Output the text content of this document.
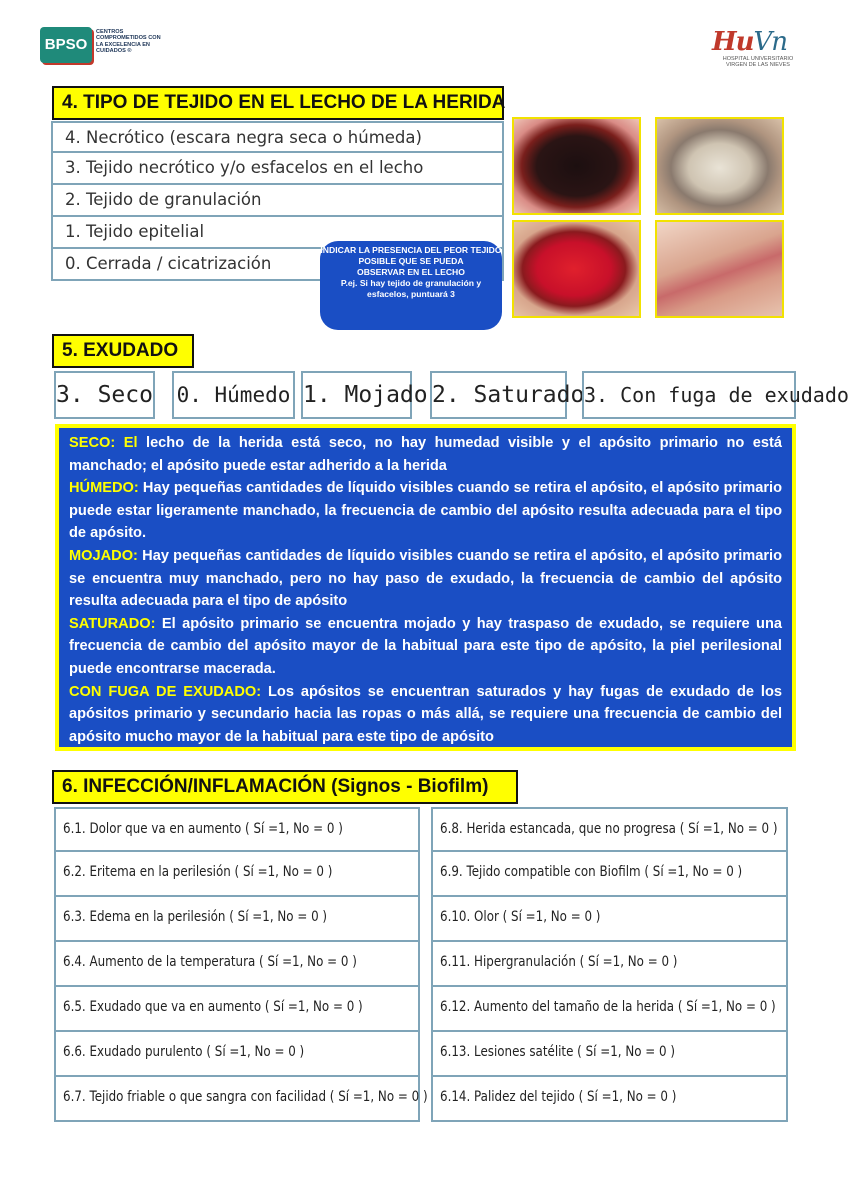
BPSO
CENTROS COMPROMETIDOS CON LA EXCELENCIA EN CUIDADOS ®	HuVn
HOSPITAL UNIVERSITARIO VIRGEN DE LAS NIEVES
4. TIPO DE TEJIDO EN EL LECHO DE LA HERIDA
4. Necrótico (escara negra seca o húmeda)
3. Tejido necrótico y/o esfacelos en el lecho
2. Tejido de granulación
1. Tejido epitelial
0. Cerrada / cicatrización
INDICAR LA PRESENCIA DEL PEOR TEJIDO POSIBLE QUE SE PUEDA
OBSERVAR EN EL LECHO
P.ej. Si hay tejido de granulación y esfacelos, puntuará 3
5. EXUDADO
3. Seco 0. Húmedo 1. Mojado 2. Saturado 3. Con fuga de exudado

SECO: El lecho de la herida está seco, no hay humedad visible y el apósito primario no está manchado; el apósito puede estar adherido a la herida

HÚMEDO: Hay pequeñas cantidades de líquido visibles cuando se retira el apósito, el apósito primario puede estar ligeramente manchado, la frecuencia de cambio del apósito resulta adecuada para el tipo de apósito.

MOJADO: Hay pequeñas cantidades de líquido visibles cuando se retira el apósito, el apósito primario se encuentra muy manchado, pero no hay paso de exudado, la frecuencia de cambio del apósito resulta adecuada para el tipo de apósito

SATURADO: El apósito primario se encuentra mojado y hay traspaso de exudado, se requiere una frecuencia de cambio del apósito mayor de la habitual para este tipo de apósito, la piel perilesional puede encontrarse macerada.

CON FUGA DE EXUDADO: Los apósitos se encuentran saturados y hay fugas de exudado de los apósitos primario y secundario hacia las ropas o más allá, se requiere una frecuencia de cambio del apósito mucho mayor de la habitual para este tipo de apósito

6. INFECCIÓN/INFLAMACIÓN (Signos - Biofilm)
6.1. Dolor que va en aumento ( Sí =1, No = 0 )
6.2. Eritema en la perilesión ( Sí =1, No = 0 )
6.3. Edema en la perilesión ( Sí =1, No = 0 )
6.4. Aumento de la temperatura ( Sí =1, No = 0 )
6.5. Exudado que va en aumento ( Sí =1, No = 0 )
6.6. Exudado purulento ( Sí =1, No = 0 )
6.7. Tejido friable o que sangra con facilidad ( Sí =1, No = 0 )
6.8. Herida estancada, que no progresa ( Sí =1, No = 0 )
6.9. Tejido compatible con Biofilm ( Sí =1, No = 0 )
6.10. Olor ( Sí =1, No = 0 )
6.11. Hipergranulación ( Sí =1, No = 0 )
6.12. Aumento del tamaño de la herida ( Sí =1, No = 0 )
6.13. Lesiones satélite ( Sí =1, No = 0 )
6.14. Palidez del tejido ( Sí =1, No = 0 )
